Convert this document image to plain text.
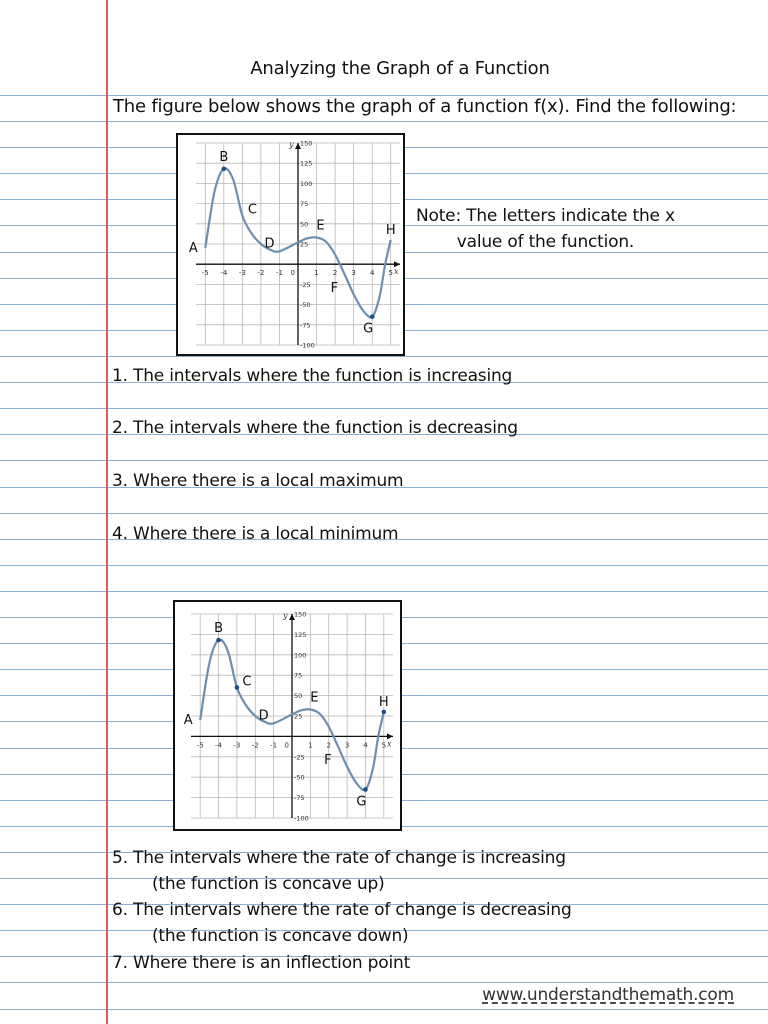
Analyzing the Graph of a Function
The figure below shows the graph of a function f(x). Find the following:
-5 -4 -3 -2 -1	1 2 3 4 5
0
150
125
100
75
50
25
-25
-50
-75
-100
x
y
A
B
C
D
E
F
G
H
Note: The letters indicate the x
value of the function.
1. The intervals where the function is increasing
2. The intervals where the function is decreasing
3. Where there is a local maximum
4. Where there is a local minimum
-5 -4 -3 -2 -1	1 2 3 4 5
0
150
125
100
75
50
25
-25
-50
-75
-100
x
y
A
B
C
D
E
F
G
H
5. The intervals where the rate of change is increasing
(the function is concave up)
6. The intervals where the rate of change is decreasing
(the function is concave down)
7. Where there is an inflection point
www.understandthemath.com
